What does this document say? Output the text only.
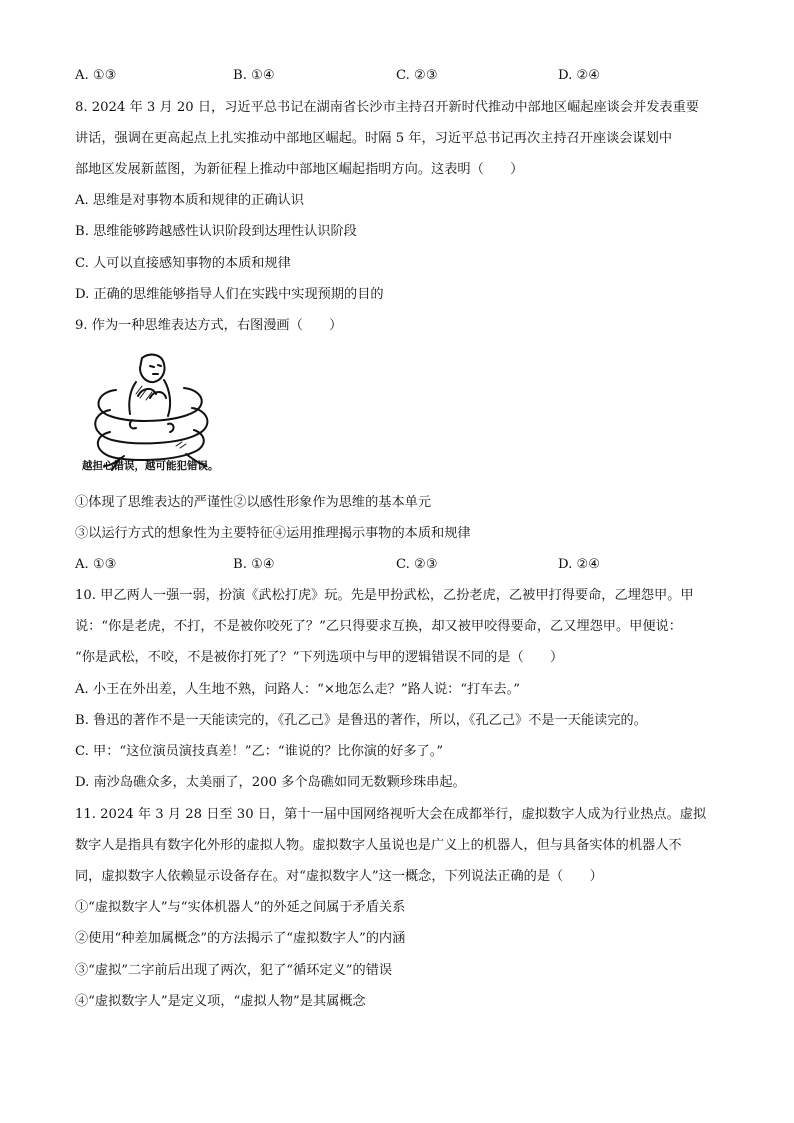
A. ①③	B. ①④	C. ②③	D. ②④
8. 2024 年 3 月 20 日，习近平总书记在湖南省长沙市主持召开新时代推动中部地区崛起座谈会并发表重要
讲话，强调在更高起点上扎实推动中部地区崛起。时隔 5 年，习近平总书记再次主持召开座谈会谋划中
部地区发展新蓝图，为新征程上推动中部地区崛起指明方向。这表明（　　）
A. 思维是对事物本质和规律的正确认识
B. 思维能够跨越感性认识阶段到达理性认识阶段
C. 人可以直接感知事物的本质和规律
D. 正确的思维能够指导人们在实践中实现预期的目的
9. 作为一种思维表达方式，右图漫画（　　）
越担心错误，越可能犯错误。
①体现了思维表达的严谨性②以感性形象作为思维的基本单元
③以运行方式的想象性为主要特征④运用推理揭示事物的本质和规律
A. ①③	B. ①④	C. ②③	D. ②④
10. 甲乙两人一强一弱，扮演《武松打虎》玩。先是甲扮武松，乙扮老虎，乙被甲打得要命，乙埋怨甲。甲
说：“你是老虎，不打，不是被你咬死了？”乙只得要求互换，却又被甲咬得要命，乙又埋怨甲。甲便说：
“你是武松，不咬，不是被你打死了？”下列选项中与甲的逻辑错误不同的是（　　）
A. 小王在外出差，人生地不熟，问路人：“×地怎么走？”路人说：“打车去。”
B. 鲁迅的著作不是一天能读完的，《孔乙己》是鲁迅的著作，所以，《孔乙己》不是一天能读完的。
C. 甲：“这位演员演技真差！”乙：“谁说的？比你演的好多了。”
D. 南沙岛礁众多，太美丽了，200 多个岛礁如同无数颗珍珠串起。
11. 2024 年 3 月 28 日至 30 日，第十一届中国网络视听大会在成都举行，虚拟数字人成为行业热点。虚拟
数字人是指具有数字化外形的虚拟人物。虚拟数字人虽说也是广义上的机器人，但与具备实体的机器人不
同，虚拟数字人依赖显示设备存在。对“虚拟数字人”这一概念，下列说法正确的是（　　）
①“虚拟数字人”与“实体机器人”的外延之间属于矛盾关系
②使用“种差加属概念”的方法揭示了“虚拟数字人”的内涵
③“虚拟”二字前后出现了两次，犯了“循环定义”的错误
④“虚拟数字人”是定义项，“虚拟人物”是其属概念
